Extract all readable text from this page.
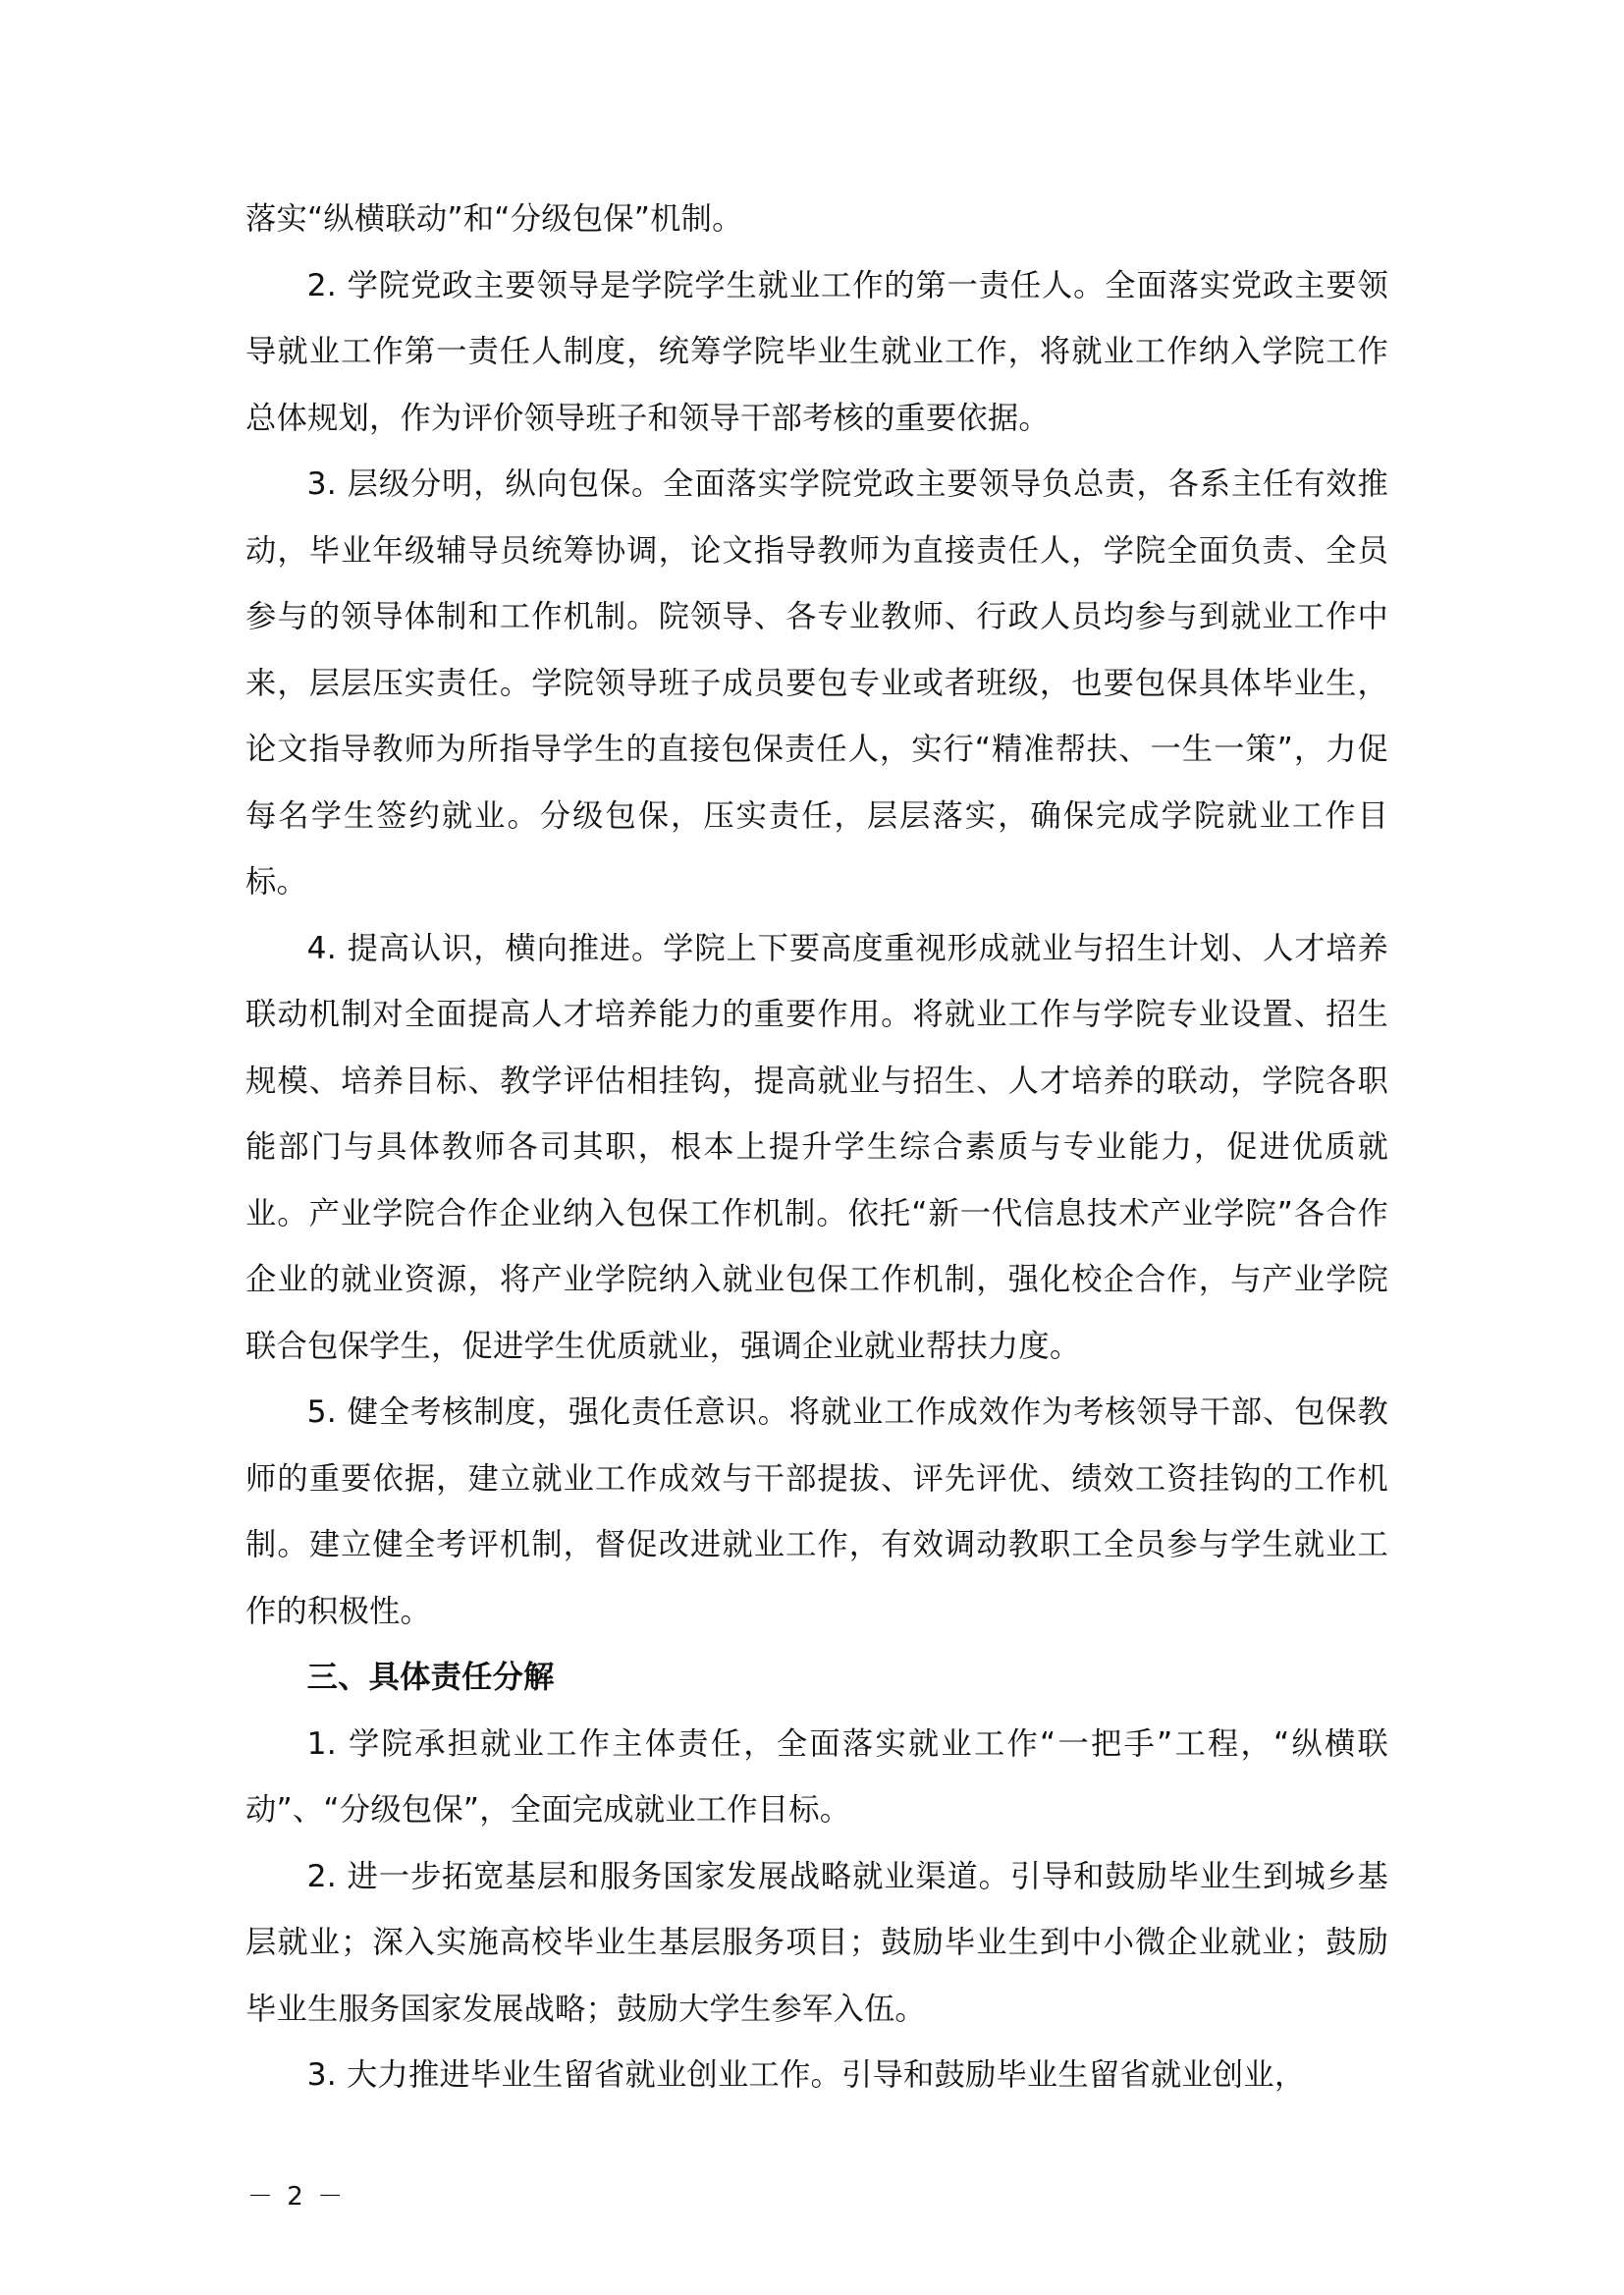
落实“纵横联动”和“分级包保”机制。

2. 学院党政主要领导是学院学生就业工作的第一责任人。全面落实党政主要领导就业工作第一责任人制度，统筹学院毕业生就业工作，将就业工作纳入学院工作总体规划，作为评价领导班子和领导干部考核的重要依据。

3. 层级分明，纵向包保。全面落实学院党政主要领导负总责，各系主任有效推动，毕业年级辅导员统筹协调，论文指导教师为直接责任人，学院全面负责、全员参与的领导体制和工作机制。院领导、各专业教师、行政人员均参与到就业工作中来，层层压实责任。学院领导班子成员要包专业或者班级，也要包保具体毕业生，论文指导教师为所指导学生的直接包保责任人，实行“精准帮扶、一生一策”，力促每名学生签约就业。分级包保，压实责任，层层落实，确保完成学院就业工作目标。

4. 提高认识，横向推进。学院上下要高度重视形成就业与招生计划、人才培养联动机制对全面提高人才培养能力的重要作用。将就业工作与学院专业设置、招生规模、培养目标、教学评估相挂钩，提高就业与招生、人才培养的联动，学院各职能部门与具体教师各司其职，根本上提升学生综合素质与专业能力，促进优质就业。产业学院合作企业纳入包保工作机制。依托“新一代信息技术产业学院”各合作企业的就业资源，将产业学院纳入就业包保工作机制，强化校企合作，与产业学院联合包保学生，促进学生优质就业，强调企业就业帮扶力度。

5. 健全考核制度，强化责任意识。将就业工作成效作为考核领导干部、包保教师的重要依据，建立就业工作成效与干部提拔、评先评优、绩效工资挂钩的工作机制。建立健全考评机制，督促改进就业工作，有效调动教职工全员参与学生就业工作的积极性。

三、具体责任分解

1. 学院承担就业工作主体责任，全面落实就业工作“一把手”工程，“纵横联动”、“分级包保”，全面完成就业工作目标。

2. 进一步拓宽基层和服务国家发展战略就业渠道。引导和鼓励毕业生到城乡基层就业；深入实施高校毕业生基层服务项目；鼓励毕业生到中小微企业就业；鼓励毕业生服务国家发展战略；鼓励大学生参军入伍。

3. 大力推进毕业生留省就业创业工作。引导和鼓励毕业生留省就业创业，

－ 2 －
